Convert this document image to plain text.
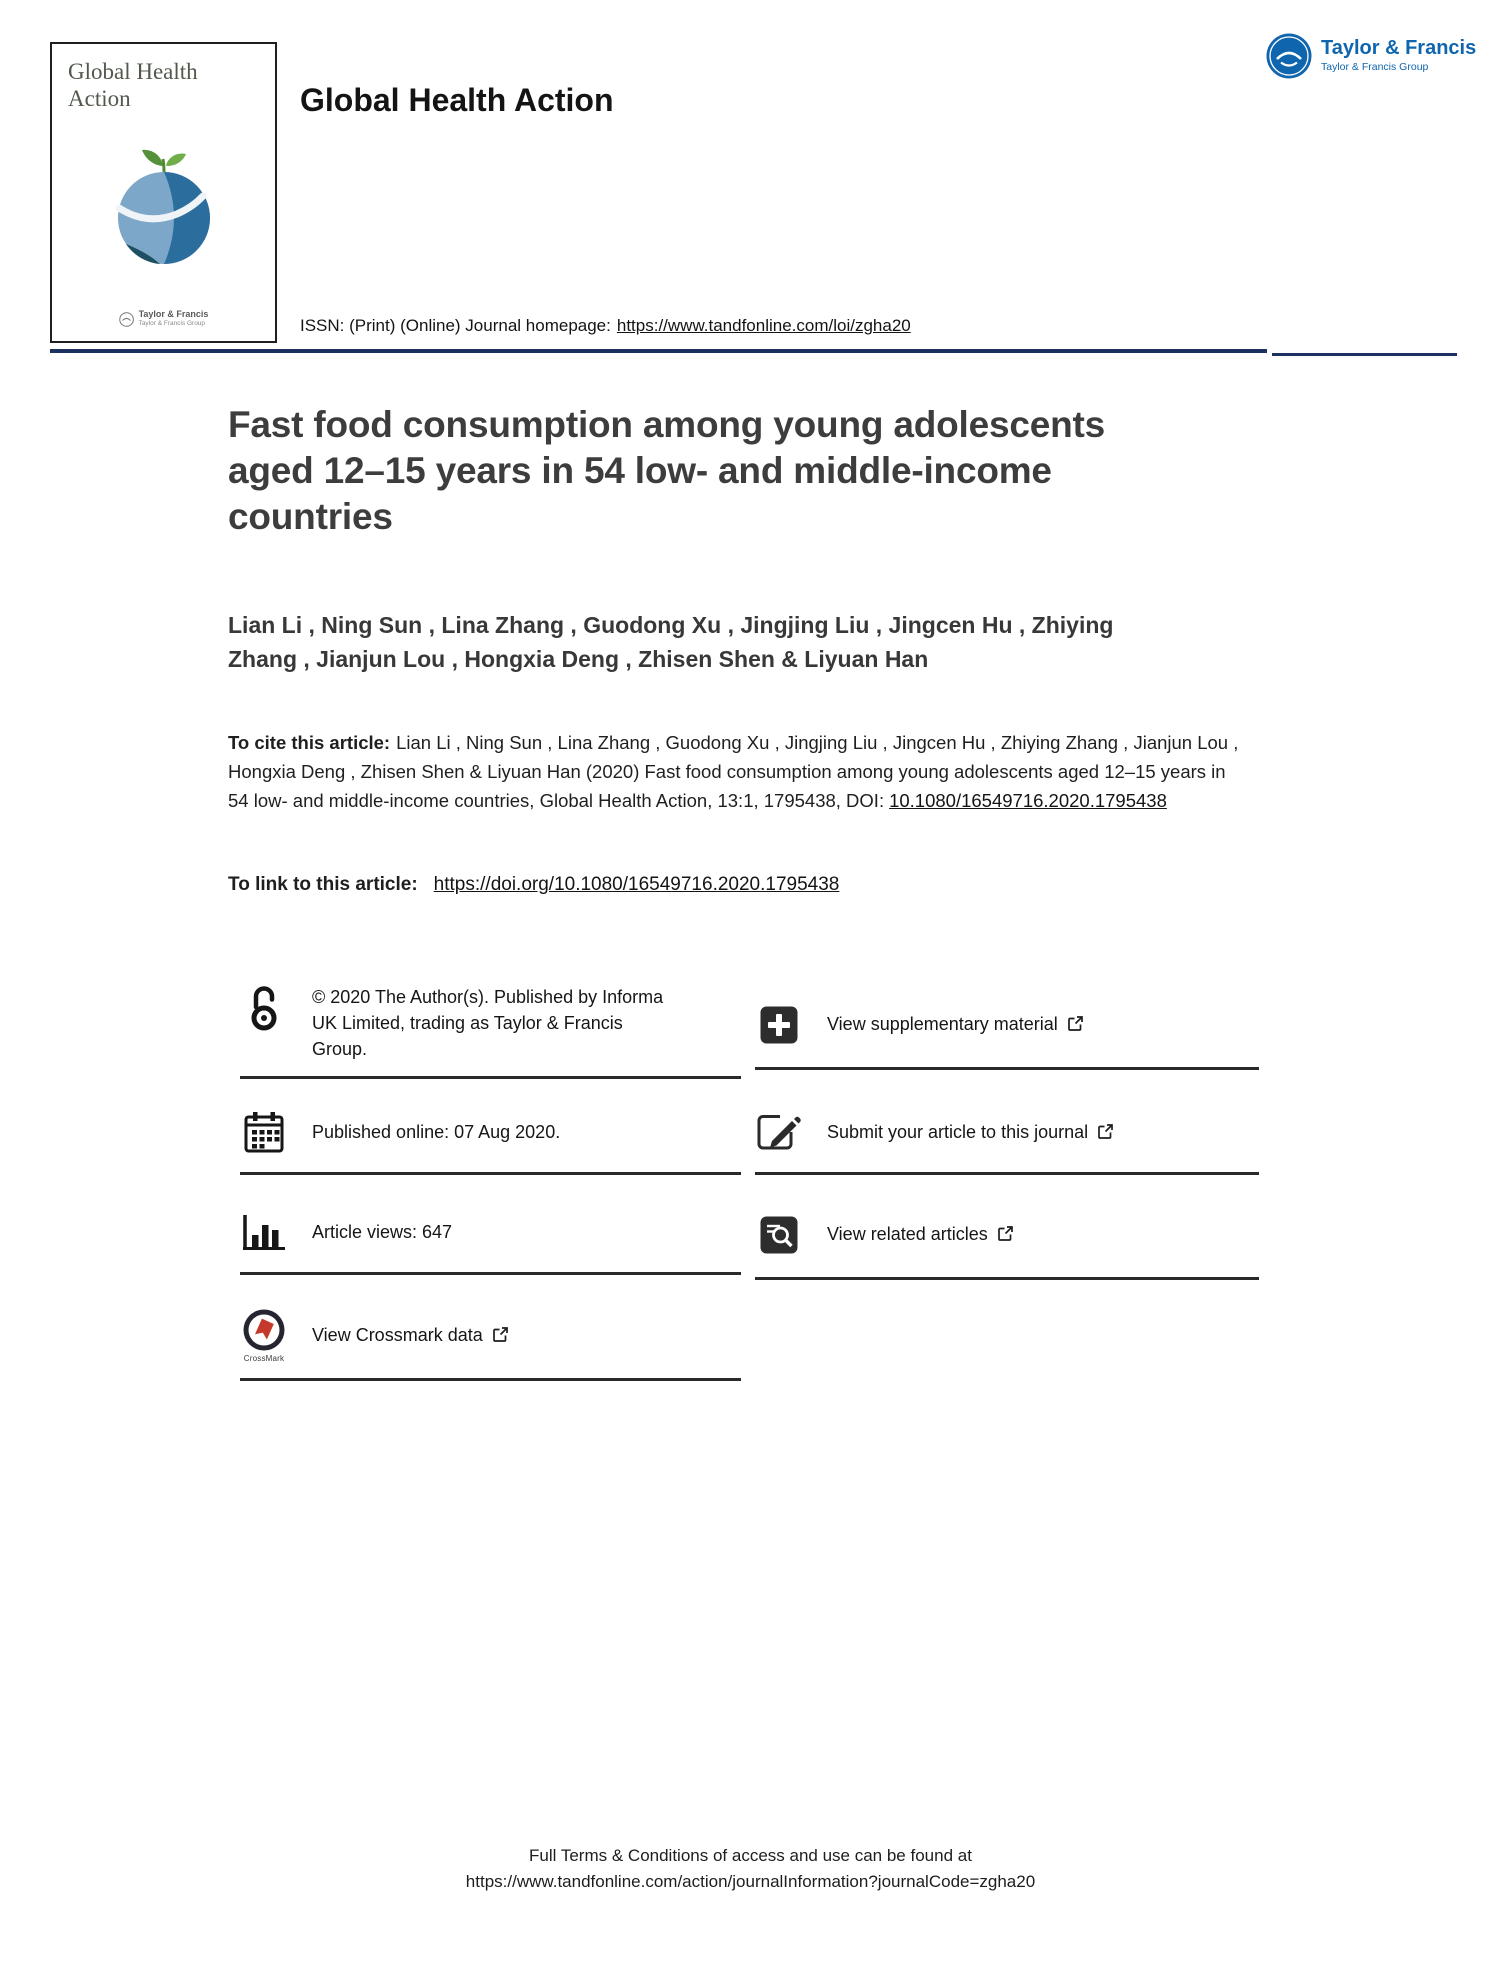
Global Health Action
Taylor & Francis
Taylor & Francis Group
Global Health Action
Taylor & Francis
Taylor & Francis Group
ISSN: (Print) (Online) Journal homepage: https://www.tandfonline.com/loi/zgha20
Fast food consumption among young adolescents aged 12–15 years in 54 low- and middle-income countries
Lian Li , Ning Sun , Lina Zhang , Guodong Xu , Jingjing Liu , Jingcen Hu , Zhiying Zhang , Jianjun Lou , Hongxia Deng , Zhisen Shen & Liyuan Han

To cite this article: Lian Li , Ning Sun , Lina Zhang , Guodong Xu , Jingjing Liu , Jingcen Hu , Zhiying Zhang , Jianjun Lou , Hongxia Deng , Zhisen Shen & Liyuan Han (2020) Fast food consumption among young adolescents aged 12–15 years in 54 low- and middle-income countries, Global Health Action, 13:1, 1795438, DOI: 10.1080/16549716.2020.1795438

To link to this article: https://doi.org/10.1080/16549716.2020.1795438

© 2020 The Author(s). Published by Informa UK Limited, trading as Taylor & Francis Group.
Published online: 07 Aug 2020.
Article views: 647
CrossMark
View Crossmark data
View supplementary material
Submit your article to this journal
View related articles
Full Terms & Conditions of access and use can be found at
https://www.tandfonline.com/action/journalInformation?journalCode=zgha20
